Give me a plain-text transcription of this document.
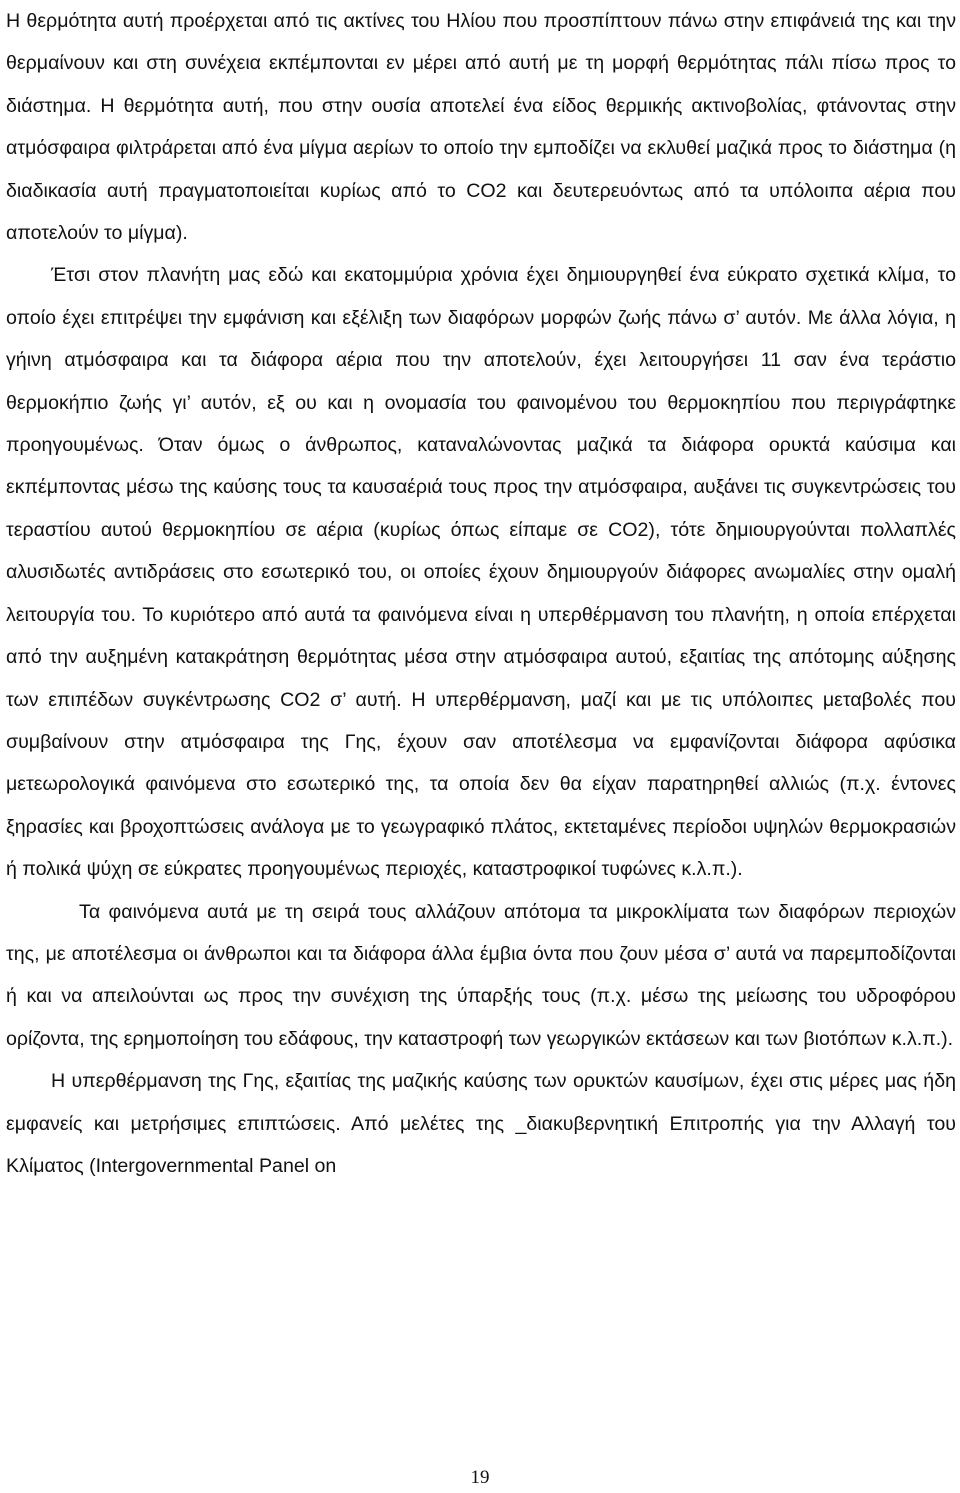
Η θερμότητα αυτή προέρχεται από τις ακτίνες του Ηλίου που προσπίπτουν πάνω στην επιφάνειά της και την θερμαίνουν και στη συνέχεια εκπέμπονται εν μέρει από αυτή με τη μορφή θερμότητας πάλι πίσω προς το διάστημα. Η θερμότητα αυτή, που στην ουσία αποτελεί ένα είδος θερμικής ακτινοβολίας, φτάνοντας στην ατμόσφαιρα φιλτράρεται από ένα μίγμα αερίων το οποίο την εμποδίζει να εκλυθεί μαζικά προς το διάστημα (η διαδικασία αυτή πραγματοποιείται κυρίως από το CO2 και δευτερευόντως από τα υπόλοιπα αέρια που αποτελούν το μίγμα).

Έτσι στον πλανήτη μας εδώ και εκατομμύρια χρόνια έχει δημιουργηθεί ένα εύκρατο σχετικά κλίμα, το οποίο έχει επιτρέψει την εμφάνιση και εξέλιξη των διαφόρων μορφών ζωής πάνω σ’ αυτόν. Με άλλα λόγια, η γήινη ατμόσφαιρα και τα διάφορα αέρια που την αποτελούν, έχει λειτουργήσει 11 σαν ένα τεράστιο θερμοκήπιο ζωής γι’ αυτόν, εξ ου και η ονομασία του φαινομένου του θερμοκηπίου που περιγράφτηκε προηγουμένως. Όταν όμως ο άνθρωπος, καταναλώνοντας μαζικά τα διάφορα ορυκτά καύσιμα και εκπέμποντας μέσω της καύσης τους τα καυσαέριά τους προς την ατμόσφαιρα, αυξάνει τις συγκεντρώσεις του τεραστίου αυτού θερμοκηπίου σε αέρια (κυρίως όπως είπαμε σε CO2), τότε δημιουργούνται πολλαπλές αλυσιδωτές αντιδράσεις στο εσωτερικό του, οι οποίες έχουν δημιουργούν διάφορες ανωμαλίες στην ομαλή λειτουργία του. Το κυριότερο από αυτά τα φαινόμενα είναι η υπερθέρμανση του πλανήτη, η οποία επέρχεται από την αυξημένη κατακράτηση θερμότητας μέσα στην ατμόσφαιρα αυτού, εξαιτίας της απότομης αύξησης των επιπέδων συγκέντρωσης CO2 σ’ αυτή. Η υπερθέρμανση, μαζί και με τις υπόλοιπες μεταβολές που συμβαίνουν στην ατμόσφαιρα της Γης, έχουν σαν αποτέλεσμα να εμφανίζονται διάφορα αφύσικα μετεωρολογικά φαινόμενα στο εσωτερικό της, τα οποία δεν θα είχαν παρατηρηθεί αλλιώς (π.χ. έντονες ξηρασίες και βροχοπτώσεις ανάλογα με το γεωγραφικό πλάτος, εκτεταμένες περίοδοι υψηλών θερμοκρασιών ή πολικά ψύχη σε εύκρατες προηγουμένως περιοχές, καταστροφικοί τυφώνες κ.λ.π.).

Τα φαινόμενα αυτά με τη σειρά τους αλλάζουν απότομα τα μικροκλίματα των διαφόρων περιοχών της, με αποτέλεσμα οι άνθρωποι και τα διάφορα άλλα έμβια όντα που ζουν μέσα σ’ αυτά να παρεμποδίζονται ή και να απειλούνται ως προς την συνέχιση της ύπαρξής τους (π.χ. μέσω της μείωσης του υδροφόρου ορίζοντα, της ερημοποίηση του εδάφους, την καταστροφή των γεωργικών εκτάσεων και των βιοτόπων κ.λ.π.).

Η υπερθέρμανση της Γης, εξαιτίας της μαζικής καύσης των ορυκτών καυσίμων, έχει στις μέρες μας ήδη εμφανείς και μετρήσιμες επιπτώσεις. Από μελέτες της _διακυβερνητική Επιτροπής για την Αλλαγή του Κλίματος (Intergovernmental Panel on

19
